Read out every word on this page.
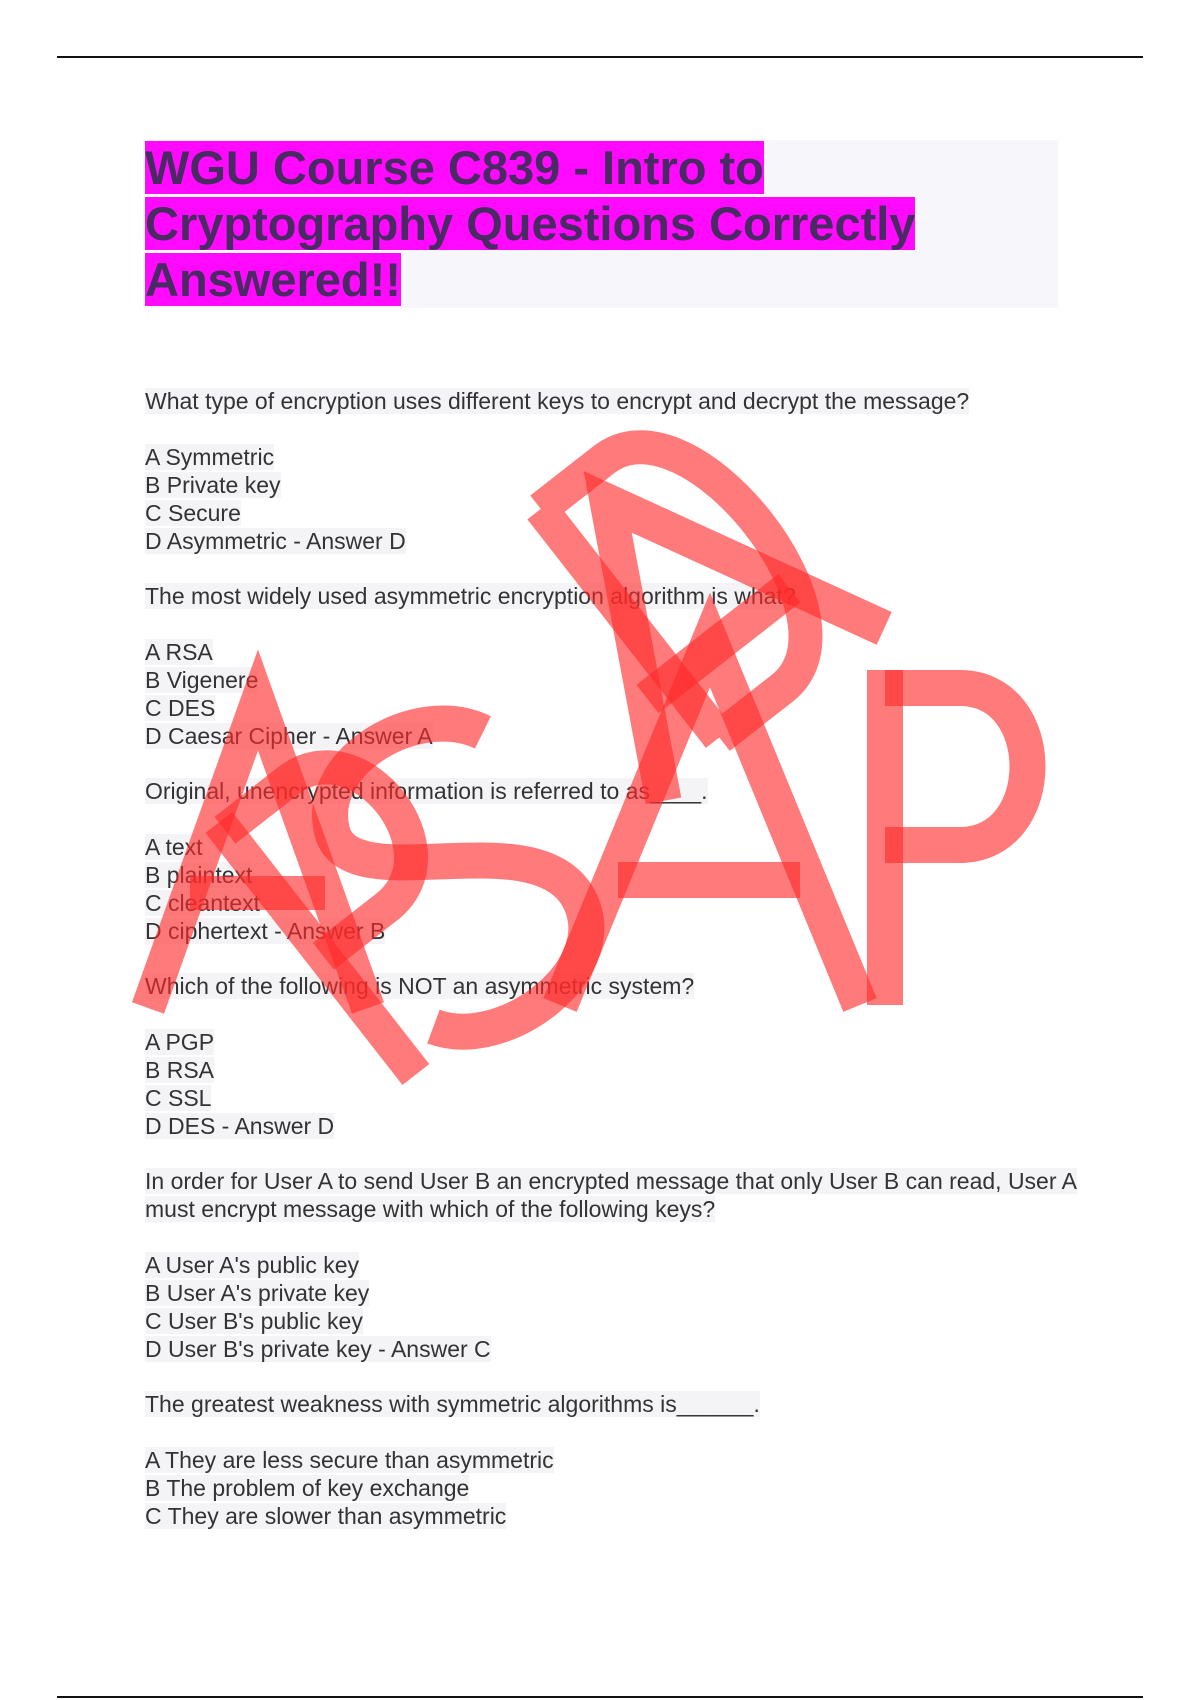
WGU Course C839 - Intro to
Cryptography Questions Correctly
Answered!!
What type of encryption uses different keys to encrypt and decrypt the message?
A Symmetric
B Private key
C Secure
D Asymmetric - Answer D
The most widely used asymmetric encryption algorithm is what?
A RSA
B Vigenere
C DES
D Caesar Cipher - Answer A
Original, unencrypted information is referred to as____.
A text
B plaintext
C cleantext
D ciphertext - Answer B
Which of the following is NOT an asymmetric system?
A PGP
B RSA
C SSL
D DES - Answer D
In order for User A to send User B an encrypted message that only User B can read, User A must encrypt message with which of the following keys?
A User A's public key
B User A's private key
C User B's public key
D User B's private key - Answer C
The greatest weakness with symmetric algorithms is______.
A They are less secure than asymmetric
B The problem of key exchange
C They are slower than asymmetric
